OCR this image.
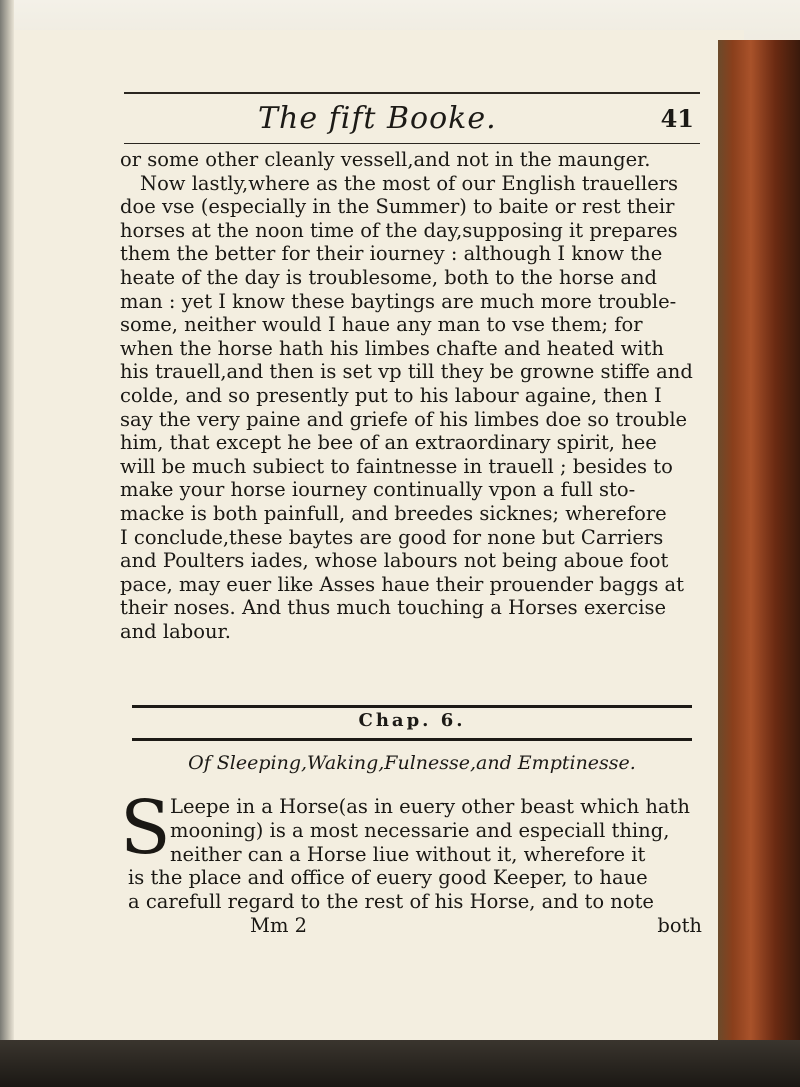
The fift Booke.	41
or some other cleanly vessell,and not in the maunger.
Now lastly,where as the most of our English trauellers
doe vse (especially in the Summer) to baite or rest their
horses at the noon time of the day,supposing it prepares
them the better for their iourney : although I know the
heate of the day is troublesome, both to the horse and
man : yet I know these baytings are much more trouble-
some, neither would I haue any man to vse them; for
when the horse hath his limbes chafte and heated with
his trauell,and then is set vp till they be growne stiffe and
colde, and so presently put to his labour againe, then I
say the very paine and griefe of his limbes doe so trouble
him, that except he bee of an extraordinary spirit, hee
will be much subiect to faintnesse in trauell ; besides to
make your horse iourney continually vpon a full sto-
macke is both painfull, and breedes sicknes; wherefore
I conclude,these baytes are good for none but Carriers
and Poulters iades, whose labours not being aboue foot
pace, may euer like Asses haue their prouender baggs at
their noses. And thus much touching a Horses exercise
and labour.
Chap. 6.
Of Sleeping,Waking,Fulnesse,and Emptinesse.
S Leepe in a Horse(as in euery other beast which hath
mooning) is a most necessarie and especiall thing,
neither can a Horse liue without it, wherefore it
is the place and office of euery good Keeper, to haue
a carefull regard to the rest of his Horse, and to note
Mm 2	both
